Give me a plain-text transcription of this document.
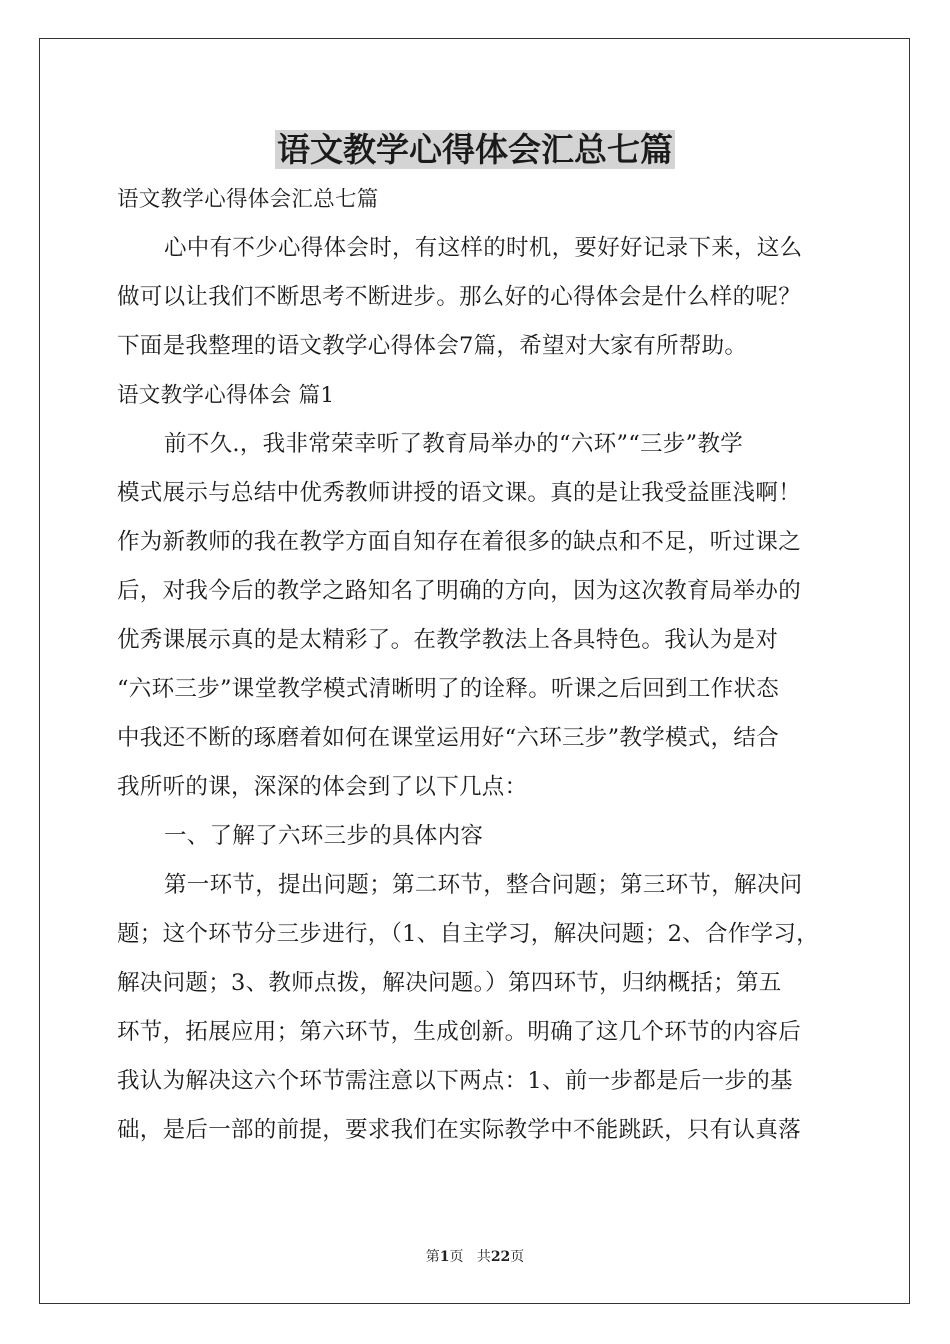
语文教学心得体会汇总七篇
语文教学心得体会汇总七篇
心中有不少心得体会时，有这样的时机，要好好记录下来，这么
做可以让我们不断思考不断进步。那么好的心得体会是什么样的呢？
下面是我整理的语文教学心得体会7篇，希望对大家有所帮助。
语文教学心得体会 篇1
前不久.，我非常荣幸听了教育局举办的“六环”“三步”教学
模式展示与总结中优秀教师讲授的语文课。真的是让我受益匪浅啊！
作为新教师的我在教学方面自知存在着很多的缺点和不足，听过课之
后，对我今后的教学之路知名了明确的方向，因为这次教育局举办的
优秀课展示真的是太精彩了。在教学教法上各具特色。我认为是对
“六环三步”课堂教学模式清晰明了的诠释。听课之后回到工作状态
中我还不断的琢磨着如何在课堂运用好“六环三步”教学模式，结合
我所听的课，深深的体会到了以下几点：
一、了解了六环三步的具体内容
第一环节，提出问题；第二环节，整合问题；第三环节，解决问
题；这个环节分三步进行，（1、自主学习，解决问题；2、合作学习，
解决问题；3、教师点拨，解决问题。）第四环节，归纳概括；第五
环节，拓展应用；第六环节，生成创新。明确了这几个环节的内容后
我认为解决这六个环节需注意以下两点：1、前一步都是后一步的基
础，是后一部的前提，要求我们在实际教学中不能跳跃，只有认真落
第1页 共22页
